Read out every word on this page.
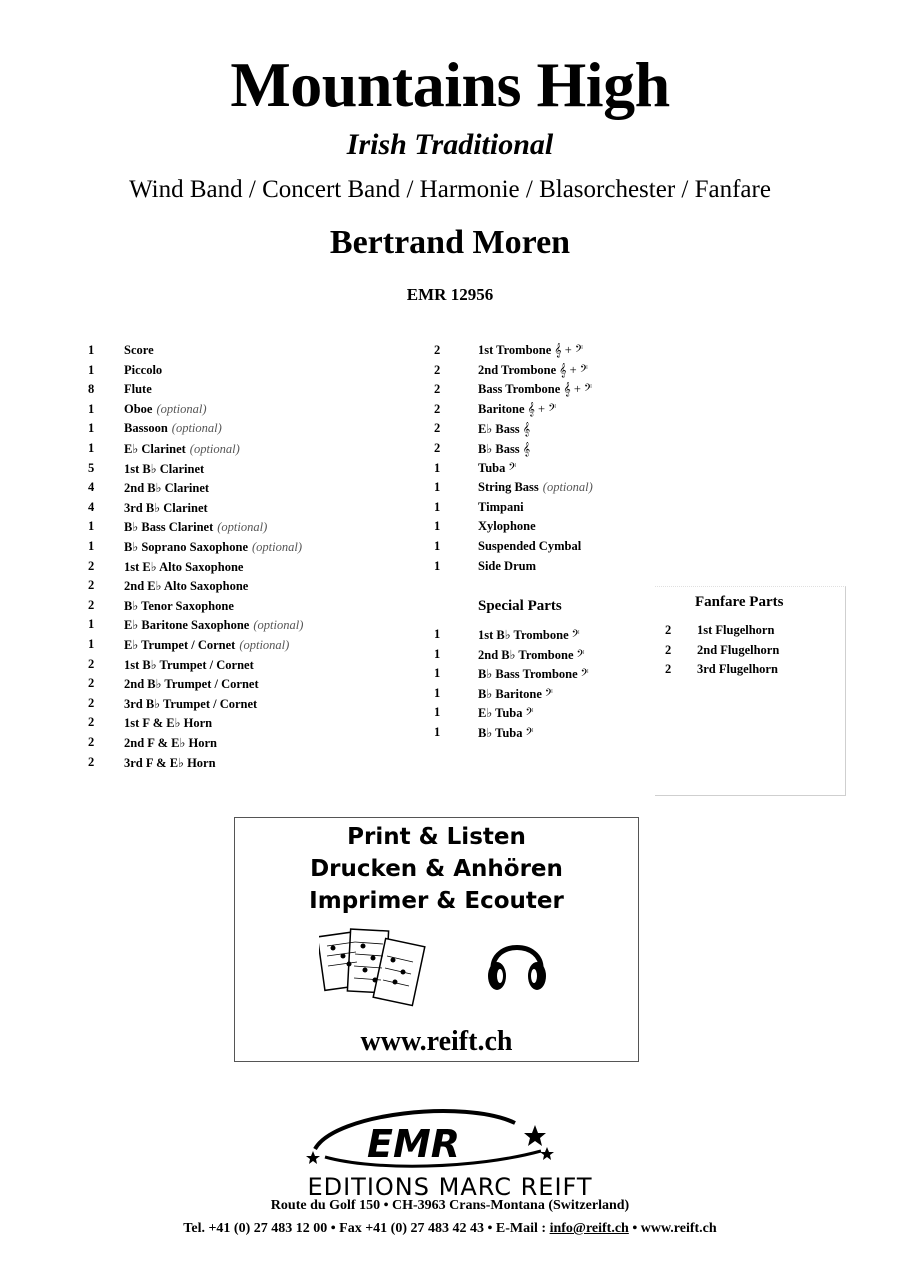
Mountains High
Irish Traditional
Wind Band / Concert Band / Harmonie / Blasorchester / Fanfare
Bertrand Moren
EMR 12956
1	Score
1	Piccolo
8	Flute
1	Oboe (optional)
1	Bassoon (optional)
1	E♭ Clarinet (optional)
5	1st B♭ Clarinet
4	2nd B♭ Clarinet
4	3rd B♭ Clarinet
1	B♭ Bass Clarinet (optional)
1	B♭ Soprano Saxophone (optional)
2	1st E♭ Alto Saxophone
2	2nd E♭ Alto Saxophone
2	B♭ Tenor Saxophone
1	E♭ Baritone Saxophone (optional)
1	E♭ Trumpet / Cornet (optional)
2	1st B♭ Trumpet / Cornet
2	2nd B♭ Trumpet / Cornet
2	3rd B♭ Trumpet / Cornet
2	1st F & E♭ Horn
2	2nd F & E♭ Horn
2	3rd F & E♭ Horn
2	1st Trombone 𝄞 + 𝄢
2	2nd Trombone 𝄞 + 𝄢
2	Bass Trombone 𝄞 + 𝄢
2	Baritone 𝄞 + 𝄢
2	E♭ Bass 𝄞
2	B♭ Bass 𝄞
1	Tuba 𝄢
1	String Bass (optional)
1	Timpani
1	Xylophone
1	Suspended Cymbal
1	Side Drum
Special Parts
1	1st B♭ Trombone 𝄢
1	2nd B♭ Trombone 𝄢
1	B♭ Bass Trombone 𝄢
1	B♭ Baritone 𝄢
1	E♭ Tuba 𝄢
1	B♭ Tuba 𝄢
Fanfare Parts
2	1st Flugelhorn
2	2nd Flugelhorn
2	3rd Flugelhorn
Print & Listen
Drucken & Anhören
Imprimer & Ecouter
www.reift.ch
EMR
EDITIONS MARC REIFT
Route du Golf 150 • CH-3963 Crans-Montana (Switzerland)
Tel. +41 (0) 27 483 12 00 • Fax +41 (0) 27 483 42 43 • E-Mail : info@reift.ch • www.reift.ch
